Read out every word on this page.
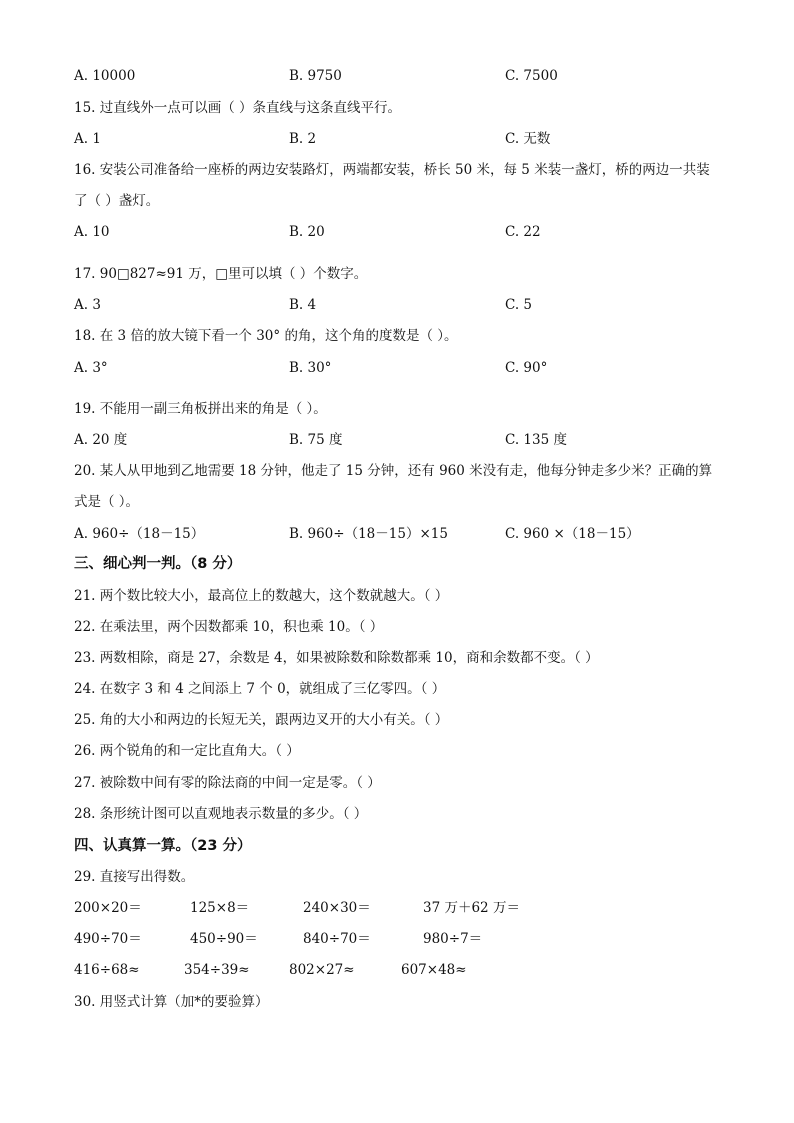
A. 10000	B. 9750	C. 7500
15. 过直线外一点可以画（ ）条直线与这条直线平行。
A. 1	B. 2	C. 无数
16. 安装公司准备给一座桥的两边安装路灯，两端都安装，桥长 50 米，每 5 米装一盏灯，桥的两边一共装
了（ ）盏灯。
A. 10	B. 20	C. 22
17. 90□827≈91 万，□里可以填（ ）个数字。
A. 3	B. 4	C. 5
18. 在 3 倍的放大镜下看一个 30° 的角，这个角的度数是（ ）。
A. 3°	B. 30°	C. 90°
19. 不能用一副三角板拼出来的角是（ ）。
A. 20 度	B. 75 度	C. 135 度
20. 某人从甲地到乙地需要 18 分钟，他走了 15 分钟，还有 960 米没有走，他每分钟走多少米？正确的算
式是（ ）。
A. 960÷（18－15）	B. 960÷（18－15）×15	C. 960 ×（18－15）
三、细心判一判。（8 分）
21. 两个数比较大小，最高位上的数越大，这个数就越大。（ ）
22. 在乘法里，两个因数都乘 10，积也乘 10。（ ）
23. 两数相除，商是 27，余数是 4，如果被除数和除数都乘 10，商和余数都不变。（ ）
24. 在数字 3 和 4 之间添上 7 个 0，就组成了三亿零四。（ ）
25. 角的大小和两边的长短无关，跟两边叉开的大小有关。（ ）
26. 两个锐角的和一定比直角大。（ ）
27. 被除数中间有零的除法商的中间一定是零。（ ）
28. 条形统计图可以直观地表示数量的多少。（ ）
四、认真算一算。（23 分）
29. 直接写出得数。
200×20＝	125×8＝	240×30＝	37 万＋62 万＝
490÷70＝	450÷90＝	840÷70＝	980÷7＝
416÷68≈	354÷39≈	802×27≈	607×48≈
30. 用竖式计算（加*的要验算）
